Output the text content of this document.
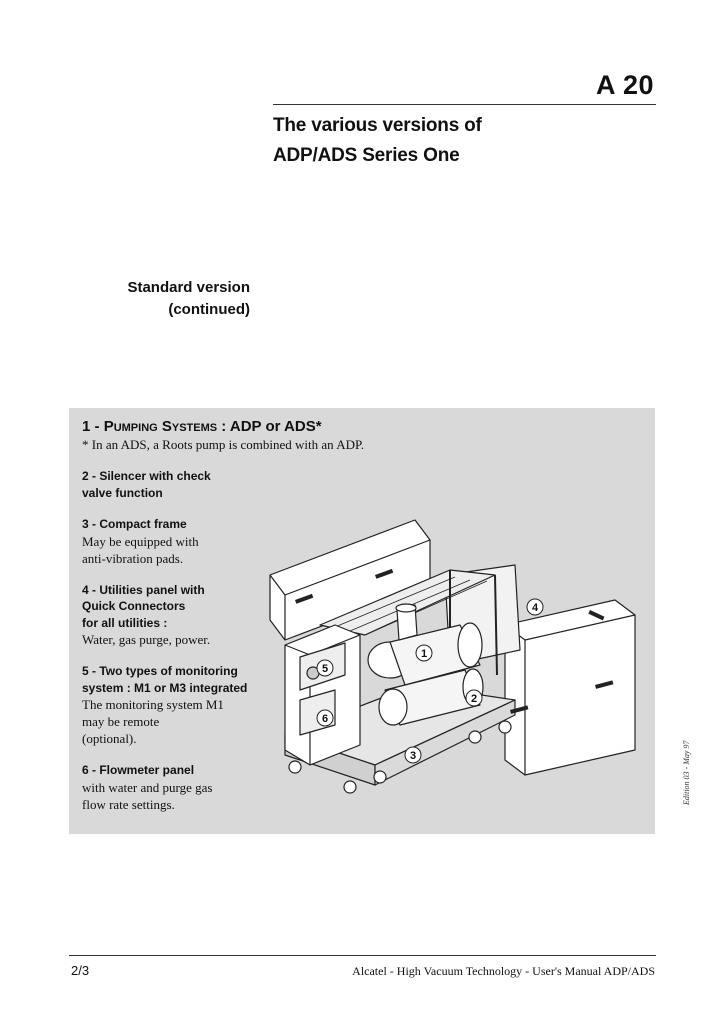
A 20
The various versions of
ADP/ADS Series One
Standard version
(continued)
1 - Pumping Systems : ADP or ADS*
* In an ADS, a Roots pump is combined with an ADP.
2 - Silencer with check
valve function
3 - Compact frame
May be equipped with
anti-vibration pads.
4 - Utilities panel with
Quick Connectors
for all utilities :
Water, gas purge, power.
5 - Two types of monitoring
system : M1 or M3 integrated
The monitoring system M1
may be remote
(optional).
6 - Flowmeter panel
with water and purge gas
flow rate settings.
1
2
3
4
5
6
Edition 03 - May 97
2/3	Alcatel - High Vacuum Technology - User's Manual ADP/ADS
